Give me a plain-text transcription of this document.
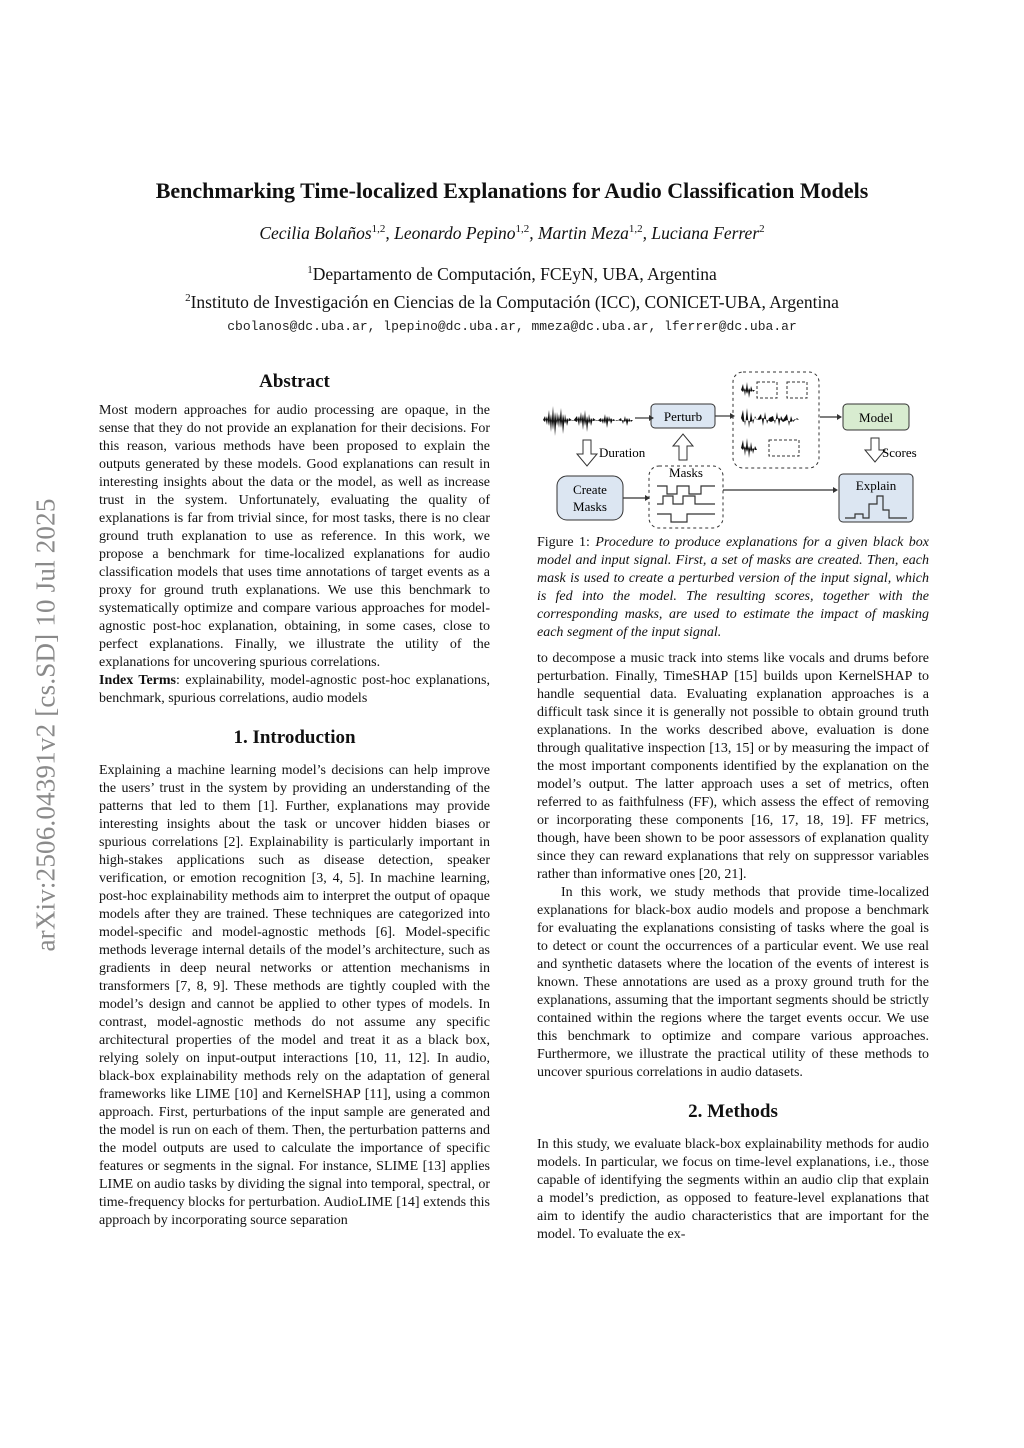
arXiv:2506.04391v2 [cs.SD] 10 Jul 2025
Benchmarking Time-localized Explanations for Audio Classification Models
Cecilia Bolaños$^{1,2}$, Leonardo Pepino$^{1,2}$, Martin Meza$^{1,2}$, Luciana Ferrer$^2$
$^1$Departamento de Computación, FCEyN, UBA, Argentina
$^2$Instituto de Investigación en Ciencias de la Computación (ICC), CONICET-UBA, Argentina
cbolanos@dc.uba.ar, lpepino@dc.uba.ar, mmeza@dc.uba.ar, lferrer@dc.uba.ar
Abstract

Most modern approaches for audio processing are opaque, in the sense that they do not provide an explanation for their decisions. For this reason, various methods have been proposed to explain the outputs generated by these models. Good explanations can result in interesting insights about the data or the model, as well as increase trust in the system. Unfortunately, evaluating the quality of explanations is far from trivial since, for most tasks, there is no clear ground truth explanation to use as reference. In this work, we propose a benchmark for time-localized explanations for audio classification models that uses time annotations of target events as a proxy for ground truth explanations. We use this benchmark to systematically optimize and compare various approaches for model-agnostic post-hoc explanation, obtaining, in some cases, close to perfect explanations. Finally, we illustrate the utility of the explanations for uncovering spurious correlations.

Index Terms: explainability, model-agnostic post-hoc explanations, benchmark, spurious correlations, audio models

1. Introduction

Explaining a machine learning model’s decisions can help improve the users’ trust in the system by providing an understanding of the patterns that led to them [1]. Further, explanations may provide interesting insights about the task or uncover hidden biases or spurious correlations [2]. Explainability is particularly important in high-stakes applications such as disease detection, speaker verification, or emotion recognition [3, 4, 5]. In machine learning, post-hoc explainability methods aim to interpret the output of opaque models after they are trained. These techniques are categorized into model-specific and model-agnostic methods [6]. Model-specific methods leverage internal details of the model’s architecture, such as gradients in deep neural networks or attention mechanisms in transformers [7, 8, 9]. These methods are tightly coupled with the model’s design and cannot be applied to other types of models. In contrast, model-agnostic methods do not assume any specific architectural properties of the model and treat it as a black box, relying solely on input-output interactions [10, 11, 12]. In audio, black-box explainability methods rely on the adaptation of general frameworks like LIME [10] and KernelSHAP [11], using a common approach. First, perturbations of the input sample are generated and the model is run on each of them. Then, the perturbation patterns and the model outputs are used to calculate the importance of specific features or segments in the signal. For instance, SLIME [13] applies LIME on audio tasks by dividing the signal into temporal, spectral, or time-frequency blocks for perturbation. AudioLIME [14] extends this approach by incorporating source separation

Perturb	Model
Duration	Scores
Create
Masks
Masks
Explain

Figure 1: Procedure to produce explanations for a given black box model and input signal. First, a set of masks are created. Then, each mask is used to create a perturbed version of the input signal, which is fed into the model. The resulting scores, together with the corresponding masks, are used to estimate the impact of masking each segment of the input signal.

to decompose a music track into stems like vocals and drums before perturbation. Finally, TimeSHAP [15] builds upon KernelSHAP to handle sequential data. Evaluating explanation approaches is a difficult task since it is generally not possible to obtain ground truth explanations. In the works described above, evaluation is done through qualitative inspection [13, 15] or by measuring the impact of the most important components identified by the explanation on the model’s output. The latter approach uses a set of metrics, often referred to as faithfulness (FF), which assess the effect of removing or incorporating these components [16, 17, 18, 19]. FF metrics, though, have been shown to be poor assessors of explanation quality since they can reward explanations that rely on suppressor variables rather than informative ones [20, 21].

In this work, we study methods that provide time-localized explanations for black-box audio models and propose a benchmark for evaluating the explanations consisting of tasks where the goal is to detect or count the occurrences of a particular event. We use real and synthetic datasets where the location of the events of interest is known. These annotations are used as a proxy ground truth for the explanations, assuming that the important segments should be strictly contained within the regions where the target events occur. We use this benchmark to optimize and compare various approaches. Furthermore, we illustrate the practical utility of these methods to uncover spurious correlations in audio datasets.

2. Methods

In this study, we evaluate black-box explainability methods for audio models. In particular, we focus on time-level explanations, i.e., those capable of identifying the segments within an audio clip that explain a model’s prediction, as opposed to feature-level explanations that aim to identify the audio characteristics that are important for the model. To evaluate the ex-
